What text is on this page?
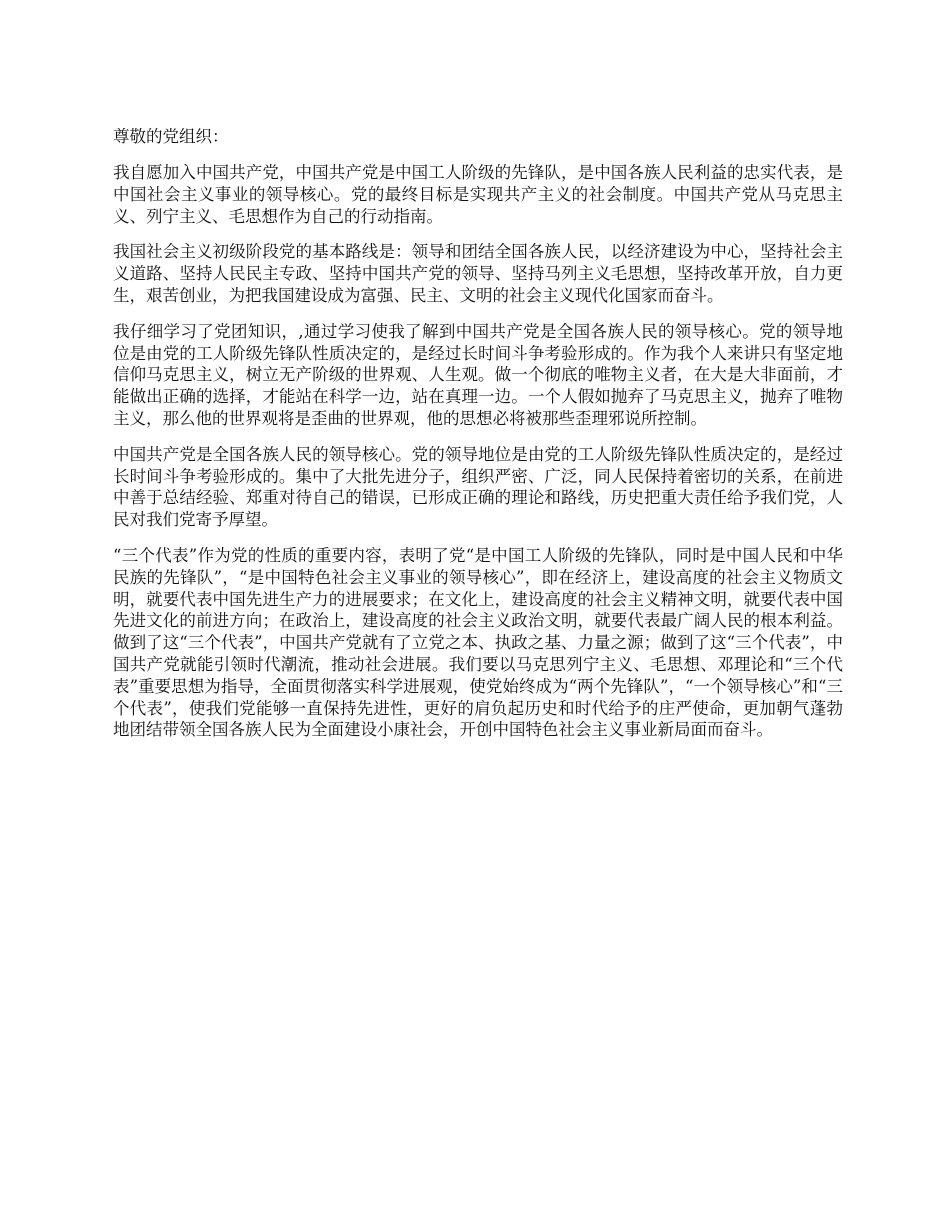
尊敬的党组织：

我自愿加入中国共产党，中国共产党是中国工人阶级的先锋队，是中国各族人民利益的忠实代表，是中国社会主义事业的领导核心。党的最终目标是实现共产主义的社会制度。中国共产党从马克思主义、列宁主义、毛思想作为自己的行动指南。

我国社会主义初级阶段党的基本路线是：领导和团结全国各族人民，以经济建设为中心，坚持社会主义道路、坚持人民民主专政、坚持中国共产党的领导、坚持马列主义毛思想，坚持改革开放，自力更生，艰苦创业，为把我国建设成为富强、民主、文明的社会主义现代化国家而奋斗。

我仔细学习了党团知识，,通过学习使我了解到中国共产党是全国各族人民的领导核心。党的领导地位是由党的工人阶级先锋队性质决定的，是经过长时间斗争考验形成的。作为我个人来讲只有坚定地信仰马克思主义，树立无产阶级的世界观、人生观。做一个彻底的唯物主义者，在大是大非面前，才能做出正确的选择，才能站在科学一边，站在真理一边。一个人假如抛弃了马克思主义，抛弃了唯物主义，那么他的世界观将是歪曲的世界观，他的思想必将被那些歪理邪说所控制。

中国共产党是全国各族人民的领导核心。党的领导地位是由党的工人阶级先锋队性质决定的，是经过长时间斗争考验形成的。集中了大批先进分子，组织严密、广泛，同人民保持着密切的关系，在前进中善于总结经验、郑重对待自己的错误，已形成正确的理论和路线，历史把重大责任给予我们党，人民对我们党寄予厚望。

“三个代表”作为党的性质的重要内容，表明了党“是中国工人阶级的先锋队，同时是中国人民和中华民族的先锋队”，“是中国特色社会主义事业的领导核心”，即在经济上，建设高度的社会主义物质文明，就要代表中国先进生产力的进展要求；在文化上，建设高度的社会主义精神文明，就要代表中国先进文化的前进方向；在政治上，建设高度的社会主义政治文明，就要代表最广阔人民的根本利益。做到了这“三个代表”，中国共产党就有了立党之本、执政之基、力量之源；做到了这“三个代表”，中国共产党就能引领时代潮流，推动社会进展。我们要以马克思列宁主义、毛思想、邓理论和“三个代表”重要思想为指导，全面贯彻落实科学进展观，使党始终成为“两个先锋队”，“一个领导核心”和“三个代表”，使我们党能够一直保持先进性，更好的肩负起历史和时代给予的庄严使命，更加朝气蓬勃地团结带领全国各族人民为全面建设小康社会，开创中国特色社会主义事业新局面而奋斗。
